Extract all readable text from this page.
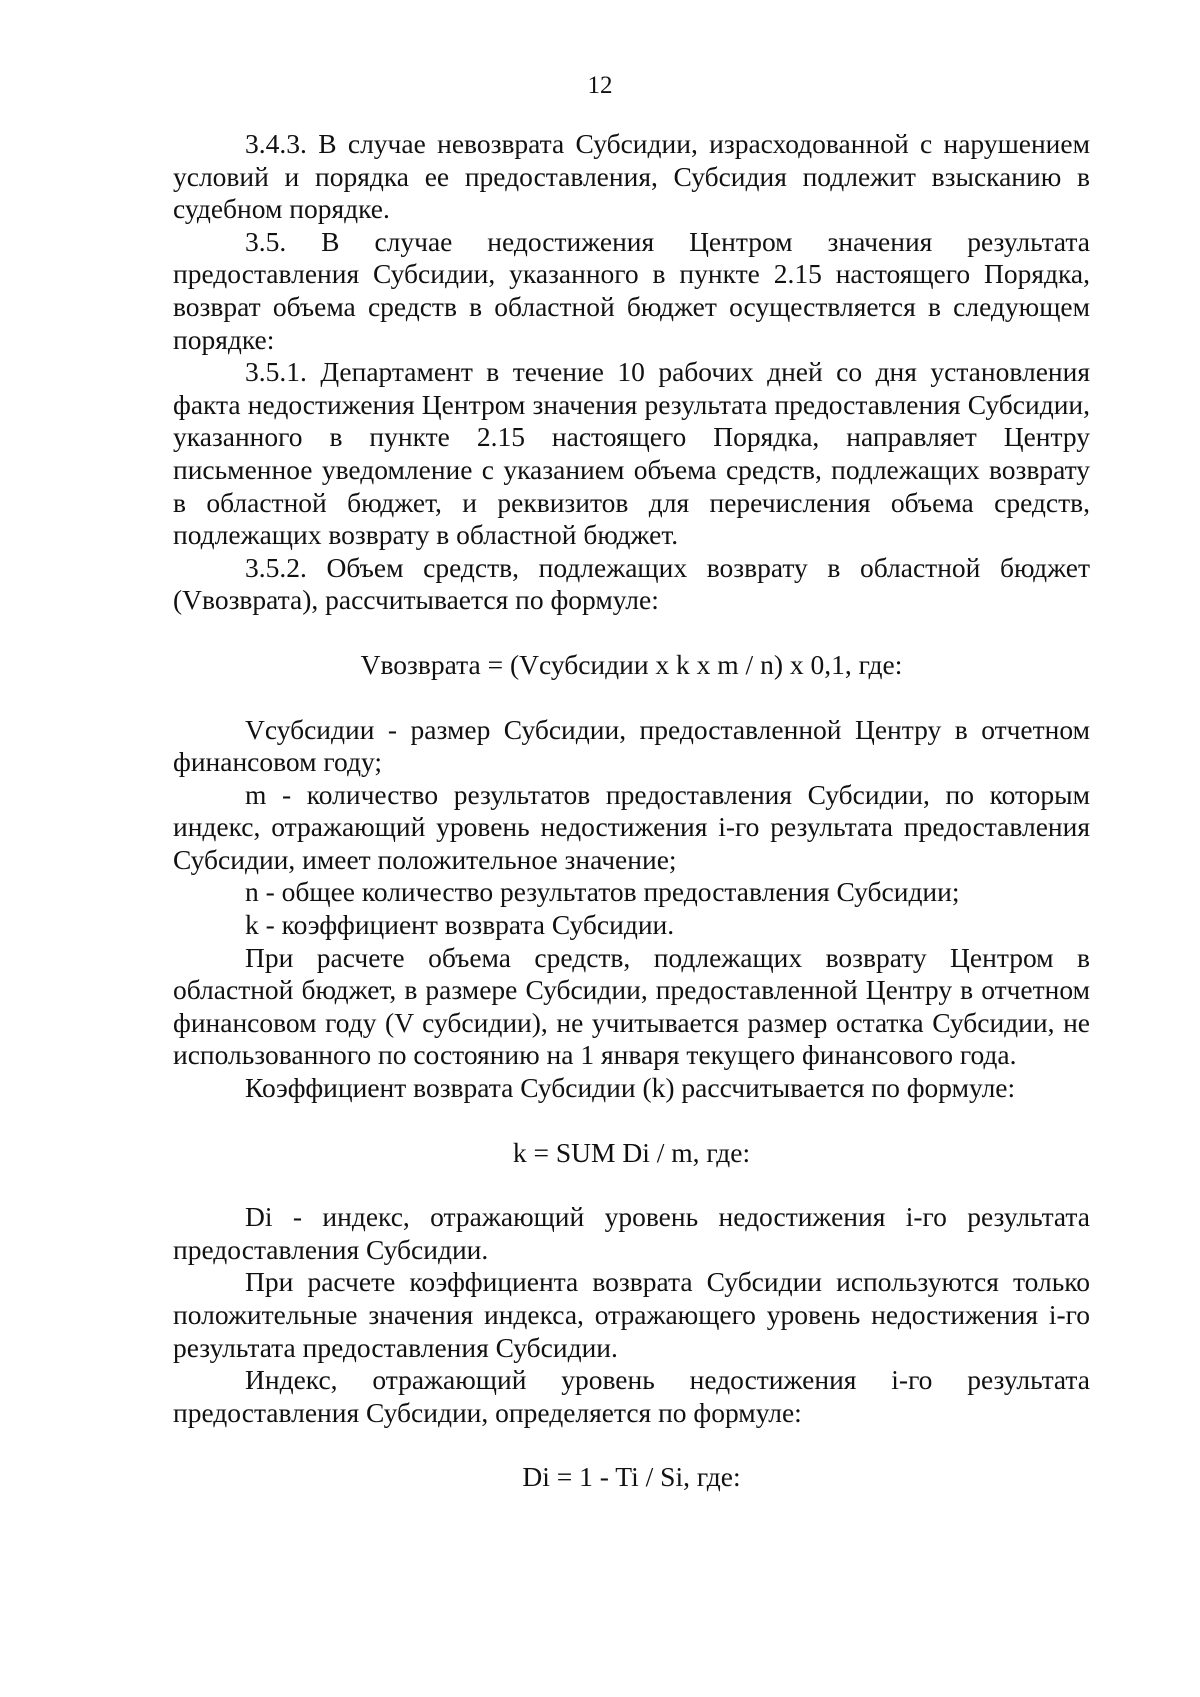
12

3.4.3. В случае невозврата Субсидии, израсходованной с нарушением условий и порядка ее предоставления, Субсидия подлежит взысканию в судебном порядке.

3.5. В случае недостижения Центром значения результата предоставления Субсидии, указанного в пункте 2.15 настоящего Порядка, возврат объема средств в областной бюджет осуществляется в следующем порядке:

3.5.1. Департамент в течение 10 рабочих дней со дня установления факта недостижения Центром значения результата предоставления Субсидии, указанного в пункте 2.15 настоящего Порядка, направляет Центру письменное уведомление с указанием объема средств, подлежащих возврату в областной бюджет, и реквизитов для перечисления объема средств, подлежащих возврату в областной бюджет.

3.5.2. Объем средств, подлежащих возврату в областной бюджет (Vвозврата), рассчитывается по формуле:

Vвозврата = (Vсубсидии x k x m / n) x 0,1, где:

Vсубсидии - размер Субсидии, предоставленной Центру в отчетном финансовом году;

m - количество результатов предоставления Субсидии, по которым индекс, отражающий уровень недостижения i-го результата предоставления Субсидии, имеет положительное значение;

n - общее количество результатов предоставления Субсидии;

k - коэффициент возврата Субсидии.

При расчете объема средств, подлежащих возврату Центром в областной бюджет, в размере Субсидии, предоставленной Центру в отчетном финансовом году (V субсидии), не учитывается размер остатка Субсидии, не использованного по состоянию на 1 января текущего финансового года.

Коэффициент возврата Субсидии (k) рассчитывается по формуле:

k = SUM Di / m, где:

Di - индекс, отражающий уровень недостижения i-го результата предоставления Субсидии.

При расчете коэффициента возврата Субсидии используются только положительные значения индекса, отражающего уровень недостижения i-го результата предоставления Субсидии.

Индекс, отражающий уровень недостижения i-го результата предоставления Субсидии, определяется по формуле:

Di = 1 - Ti / Si, где:
